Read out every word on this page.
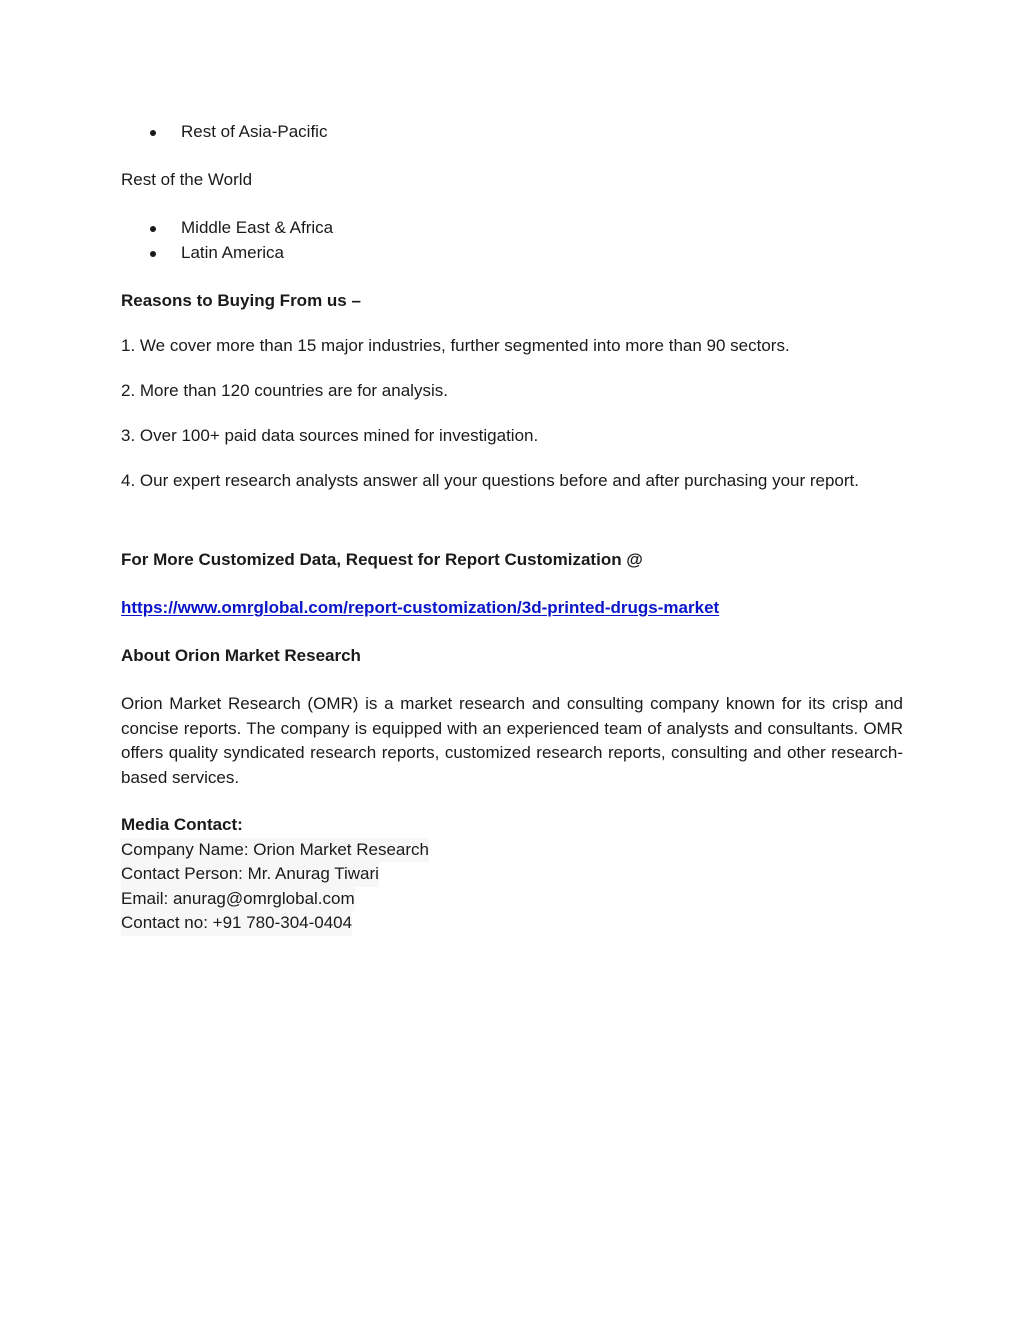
Rest of Asia-Pacific

Rest of the World

Middle East & Africa
Latin America

Reasons to Buying From us –

1. We cover more than 15 major industries, further segmented into more than 90 sectors.

2. More than 120 countries are for analysis.

3. Over 100+ paid data sources mined for investigation.

4. Our expert research analysts answer all your questions before and after purchasing your report.

For More Customized Data, Request for Report Customization @

https://www.omrglobal.com/report-customization/3d-printed-drugs-market

About Orion Market Research

Orion Market Research (OMR) is a market research and consulting company known for its crisp and concise reports. The company is equipped with an experienced team of analysts and consultants. OMR offers quality syndicated research reports, customized research reports, consulting and other research-based services.

Media Contact:
Company Name: Orion Market Research
Contact Person: Mr. Anurag Tiwari
Email: anurag@omrglobal.com
Contact no: +91 780-304-0404
